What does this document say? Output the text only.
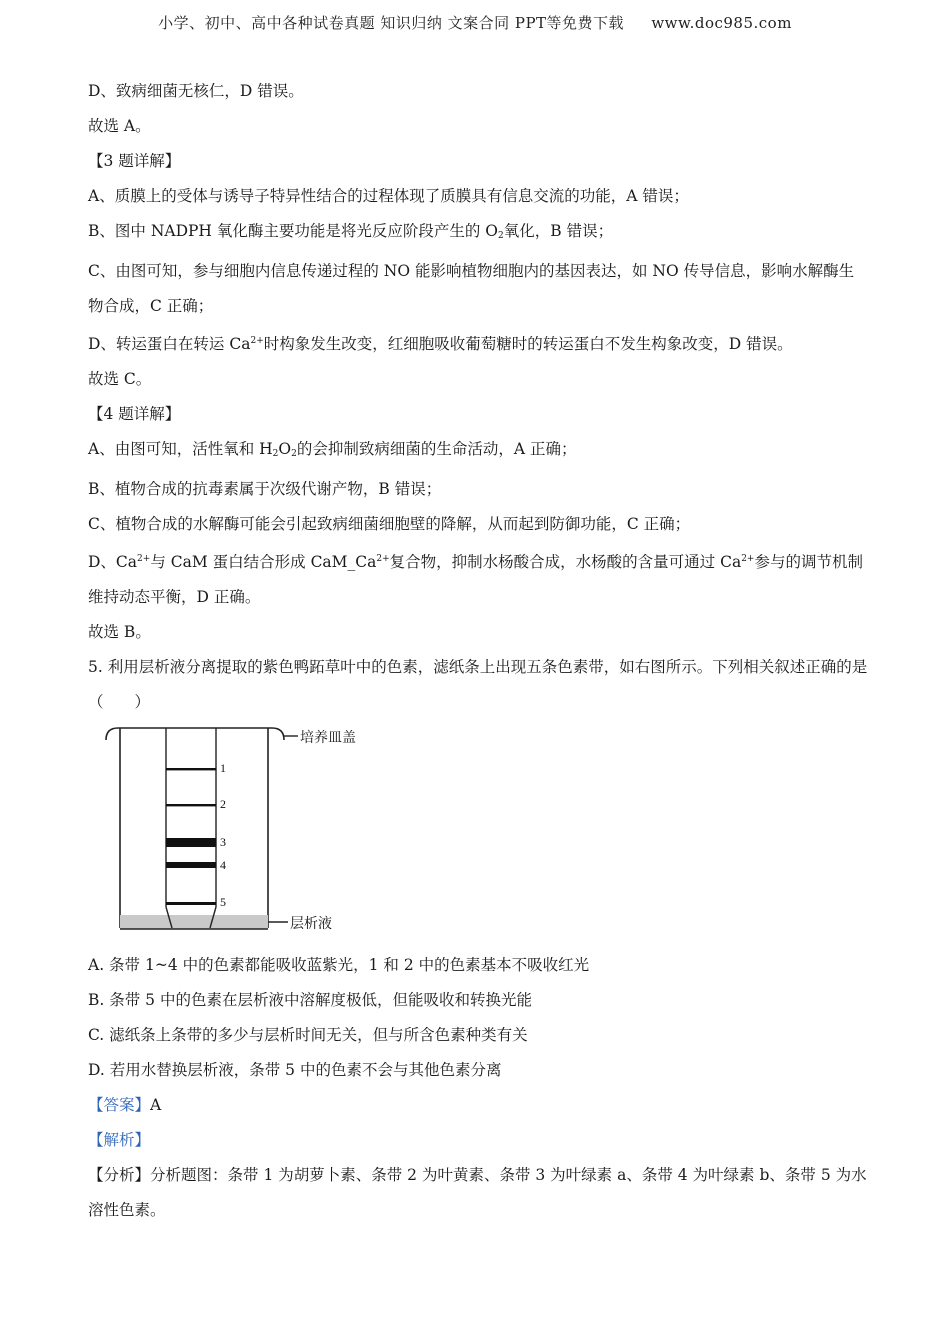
小学、初中、高中各种试卷真题 知识归纳 文案合同 PPT等免费下载 www.doc985.com
D、致病细菌无核仁，D 错误。
故选 A。
【3 题详解】
A、质膜上的受体与诱导子特异性结合的过程体现了质膜具有信息交流的功能，A 错误；
B、图中 NADPH 氧化酶主要功能是将光反应阶段产生的 $O_2$氧化，B 错误；
C、由图可知，参与细胞内信息传递过程的 NO 能影响植物细胞内的基因表达，如 NO 传导信息，影响水解酶生物合成，C 正确；
D、转运蛋白在转运 $Ca^{2+}$时构象发生改变，红细胞吸收葡萄糖时的转运蛋白不发生构象改变，D 错误。
故选 C。
【4 题详解】
A、由图可知，活性氧和 $H_2O_2$的会抑制致病细菌的生命活动，A 正确；
B、植物合成的抗毒素属于次级代谢产物，B 错误；
C、植物合成的水解酶可能会引起致病细菌细胞壁的降解，从而起到防御功能，C 正确；
D、$Ca^{2+}$与 CaM 蛋白结合形成 $CaM\_Ca^{2+}$复合物，抑制水杨酸合成，水杨酸的含量可通过 $Ca^{2+}$参与的调节机制维持动态平衡，D 正确。
故选 B。
5. 利用层析液分离提取的紫色鸭跖草叶中的色素，滤纸条上出现五条色素带，如右图所示。下列相关叙述正确的是（　　）
培养皿盖
层析液
1
2
3
4
5
A. 条带 1~4 中的色素都能吸收蓝紫光，1 和 2 中的色素基本不吸收红光
B. 条带 5 中的色素在层析液中溶解度极低，但能吸收和转换光能
C. 滤纸条上条带的多少与层析时间无关，但与所含色素种类有关
D. 若用水替换层析液，条带 5 中的色素不会与其他色素分离
【答案】A
【解析】
【分析】分析题图：条带 1 为胡萝卜素、条带 2 为叶黄素、条带 3 为叶绿素 a、条带 4 为叶绿素 b、条带 5 为水溶性色素。
